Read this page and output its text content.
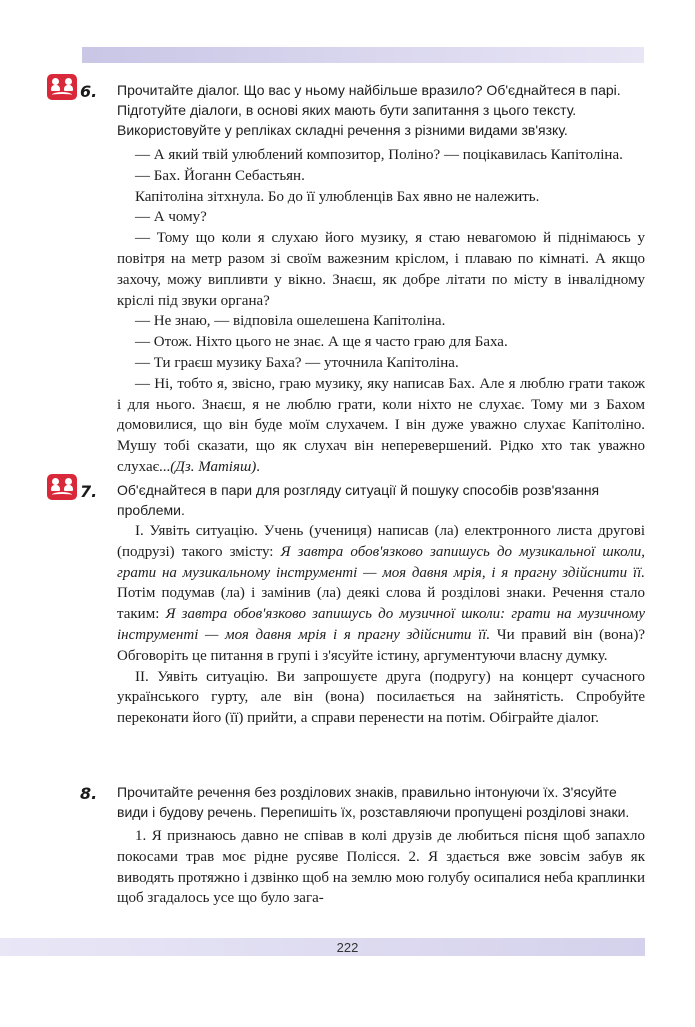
6. Прочитайте діалог. Що вас у ньому найбільше вразило? Об'єднайтеся в парі. Підготуйте діалоги, в основі яких мають бути запитання з цього тексту. Використовуйте у репліках складні речення з різними видами зв'язку.

— А який твій улюблений композитор, Поліно? — поцікавилась Капітоліна.

— Бах. Йоганн Себастьян.

Капітоліна зітхнула. Бо до її улюбленців Бах явно не належить.

— А чому?

— Тому що коли я слухаю його музику, я стаю невагомою й піднімаюсь у повітря на метр разом зі своїм важезним кріслом, і плаваю по кімнаті. А якщо захочу, можу випливти у вікно. Знаєш, як добре літати по місту в інвалідному кріслі під звуки органа?

— Не знаю, — відповіла ошелешена Капітоліна.

— Отож. Ніхто цього не знає. А ще я часто граю для Баха.

— Ти граєш музику Баха? — уточнила Капітоліна.

— Ні, тобто я, звісно, граю музику, яку написав Бах. Але я люблю грати також і для нього. Знаєш, я не люблю грати, коли ніхто не слухає. Тому ми з Бахом домовилися, що він буде моїм слухачем. І він дуже уважно слухає Капітоліно. Мушу тобі сказати, що як слухач він неперевершений. Рідко хто так уважно слухає...(Дз. Матіяш).

7. Об'єднайтеся в пари для розгляду ситуації й пошуку способів розв'язання проблеми.

І. Уявіть ситуацію. Учень (учениця) написав (ла) електронного листа другові (подрузі) такого змісту: Я завтра обов'язково запишусь до музикальної школи, грати на музикальному інструменті — моя давня мрія, і я прагну здійснити її. Потім подумав (ла) і замінив (ла) деякі слова й розділові знаки. Речення стало таким: Я завтра обов'язково запишусь до музичної школи: грати на музичному інструменті — моя давня мрія і я прагну здійснити її. Чи правий він (вона)? Обговоріть це питання в групі і з'ясуйте істину, аргументуючи власну думку.

ІІ. Уявіть ситуацію. Ви запрошуєте друга (подругу) на концерт сучасного українського гурту, але він (вона) посилається на зайнятість. Спробуйте переконати його (її) прийти, а справи перенести на потім. Обіграйте діалог.

8. Прочитайте речення без розділових знаків, правильно інтонуючи їх. З'ясуйте види і будову речень. Перепишіть їх, розставляючи пропущені розділові знаки.

1. Я признаюсь давно не співав в колі друзів де любиться пісня щоб запахло покосами трав моє рідне русяве Полісся. 2. Я здається вже зовсім забув як виводять протяжно і дзвінко щоб на землю мою голубу осипалися неба краплинки щоб згадалось усе що було зага-

222
